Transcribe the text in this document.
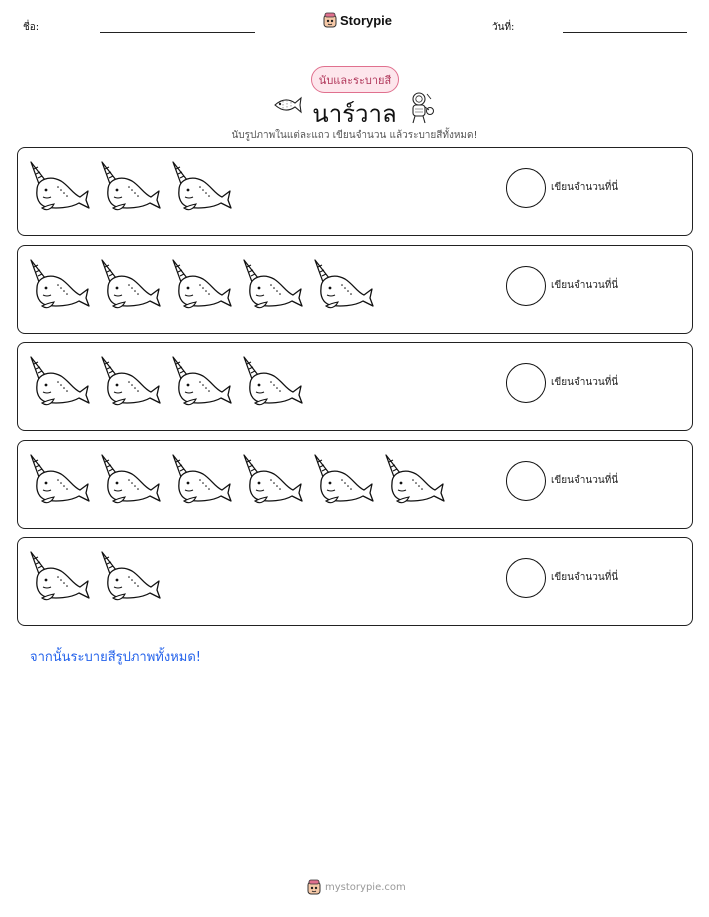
ชื่อ:	Storypie	วันที่:
นับและระบายสี
นาร์วาล
นับรูปภาพในแต่ละแถว เขียนจำนวน แล้วระบายสีทั้งหมด!
เขียนจำนวนที่นี่
เขียนจำนวนที่นี่
เขียนจำนวนที่นี่
เขียนจำนวนที่นี่
เขียนจำนวนที่นี่
จากนั้นระบายสีรูปภาพทั้งหมด!
mystorypie.com
